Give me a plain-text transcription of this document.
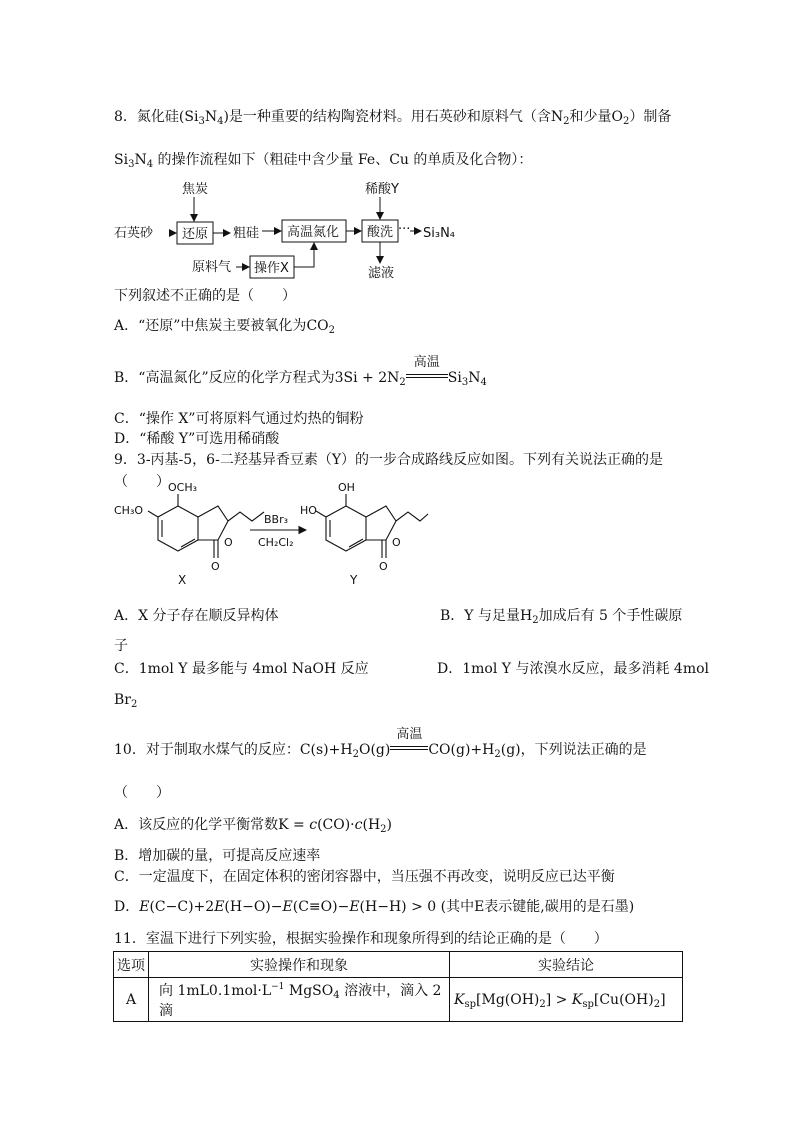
8．氮化硅$(Si_3N_4)$是一种重要的结构陶瓷材料。用石英砂和原料气（含$N_2$和少量$O_2$）制备
$Si_3N_4$ 的操作流程如下（粗硅中含少量 Fe、Cu 的单质及化合物）：
焦炭	稀酸Y
石英砂	粗硅	Si₃N₄
···
原料气	滤液
还原	高温氮化 酸洗
操作X
下列叙述不正确的是（　　）
A．“还原”中焦炭主要被氧化为$CO_2$
B．“高温氮化”反应的化学方程式为$3Si + 2N_2$
高温
$Si_3N_4$
C．“操作 X”可将原料气通过灼热的铜粉
D．“稀酸 Y”可选用稀硝酸
9．3-丙基-5，6-二羟基异香豆素（Y）的一步合成路线反应如图。下列有关说法正确的是
（　　）
OCH₃
CH₃O
O
O
X
BBr₃
CH₂Cl₂
OH
HO
O
O
Y
A．X 分子存在顺反异构体	B．Y 与足量$H_2$加成后有 5 个手性碳原
子
C．1mol Y 最多能与 4mol NaOH 反应	D．1mol Y 与浓溴水反应，最多消耗 4mol
$Br_2$
10．对于制取水煤气的反应：$C(s)+H_2O(g)$
高温
$CO(g)+H_2(g)$，下列说法正确的是
（　　）
A．该反应的化学平衡常数$K = c(CO)\cdot c(H_2)$
B．增加碳的量，可提高反应速率
C．一定温度下，在固定体积的密闭容器中，当压强不再改变，说明反应已达平衡
D．E(C−C)+2E(H−O)−E(C≡O)−E(H−H) > 0 (其中E表示键能,碳用的是石墨)
11．室温下进行下列实验，根据实验操作和现象所得到的结论正确的是（　　）
选项	实验操作和现象	实验结论
A	向 $1mL0.1mol\cdot L^{-1}$ MgSO$_4$ 溶液中，滴入 2 滴	$K_{sp}[Mg(OH)_2] > K_{sp}[Cu(OH)_2]$
